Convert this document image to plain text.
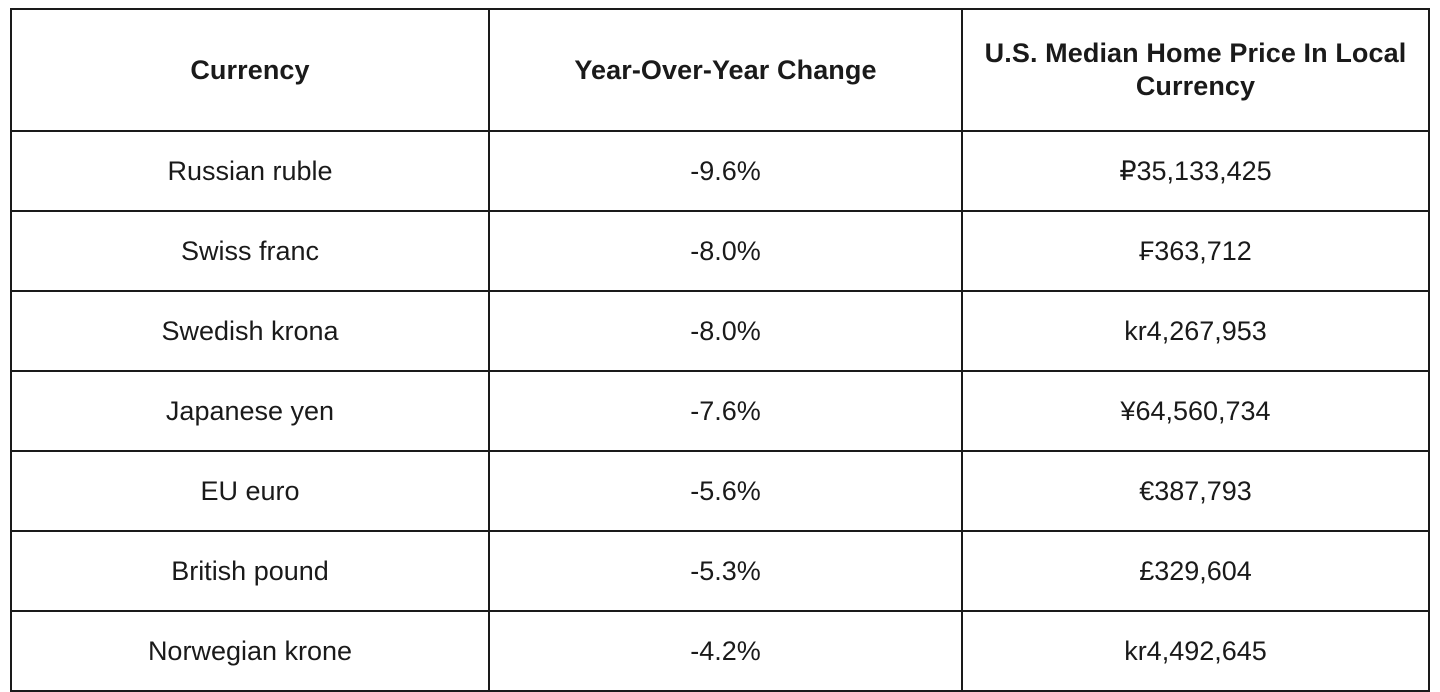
Currency	Year-Over-Year Change	U.S. Median Home Price In Local Currency
Russian ruble	-9.6%	₽35,133,425
Swiss franc	-8.0%	₣363,712
Swedish krona	-8.0%	kr4,267,953
Japanese yen	-7.6%	¥64,560,734
EU euro	-5.6%	€387,793
British pound	-5.3%	£329,604
Norwegian krone	-4.2%	kr4,492,645
